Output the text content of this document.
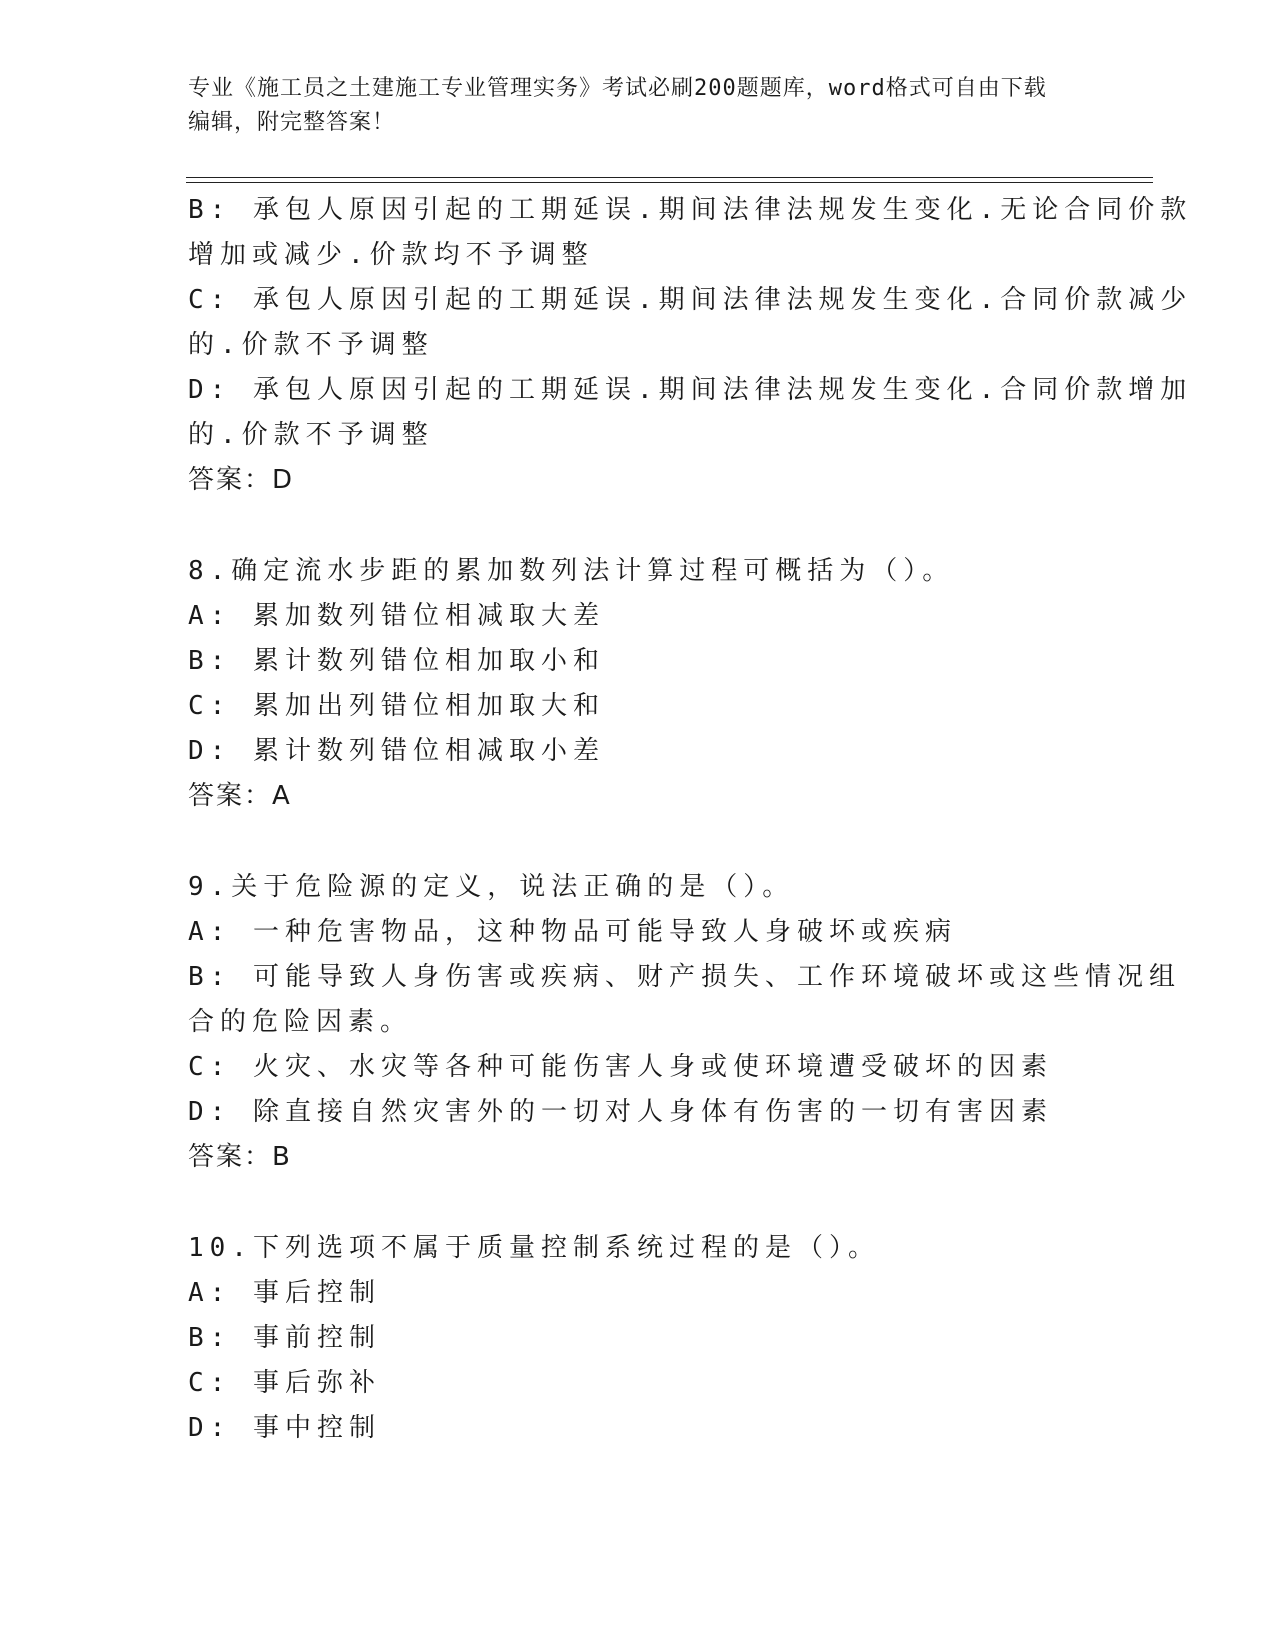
专业《施工员之土建施工专业管理实务》考试必刷200题题库，word格式可自由下载编辑，附完整答案！
B: 承包人原因引起的工期延误.期间法律法规发生变化.无论合同价款
增加或减少.价款均不予调整
C: 承包人原因引起的工期延误.期间法律法规发生变化.合同价款减少
的.价款不予调整
D: 承包人原因引起的工期延误.期间法律法规发生变化.合同价款增加
的.价款不予调整
答案：D
8.确定流水步距的累加数列法计算过程可概括为（）。
A: 累加数列错位相减取大差
B: 累计数列错位相加取小和
C: 累加出列错位相加取大和
D: 累计数列错位相减取小差
答案：A
9.关于危险源的定义，说法正确的是（）。
A: 一种危害物品，这种物品可能导致人身破坏或疾病
B: 可能导致人身伤害或疾病、财产损失、工作环境破坏或这些情况组
合的危险因素。
C: 火灾、水灾等各种可能伤害人身或使环境遭受破坏的因素
D: 除直接自然灾害外的一切对人身体有伤害的一切有害因素
答案：B
10.下列选项不属于质量控制系统过程的是（）。
A: 事后控制
B: 事前控制
C: 事后弥补
D: 事中控制
